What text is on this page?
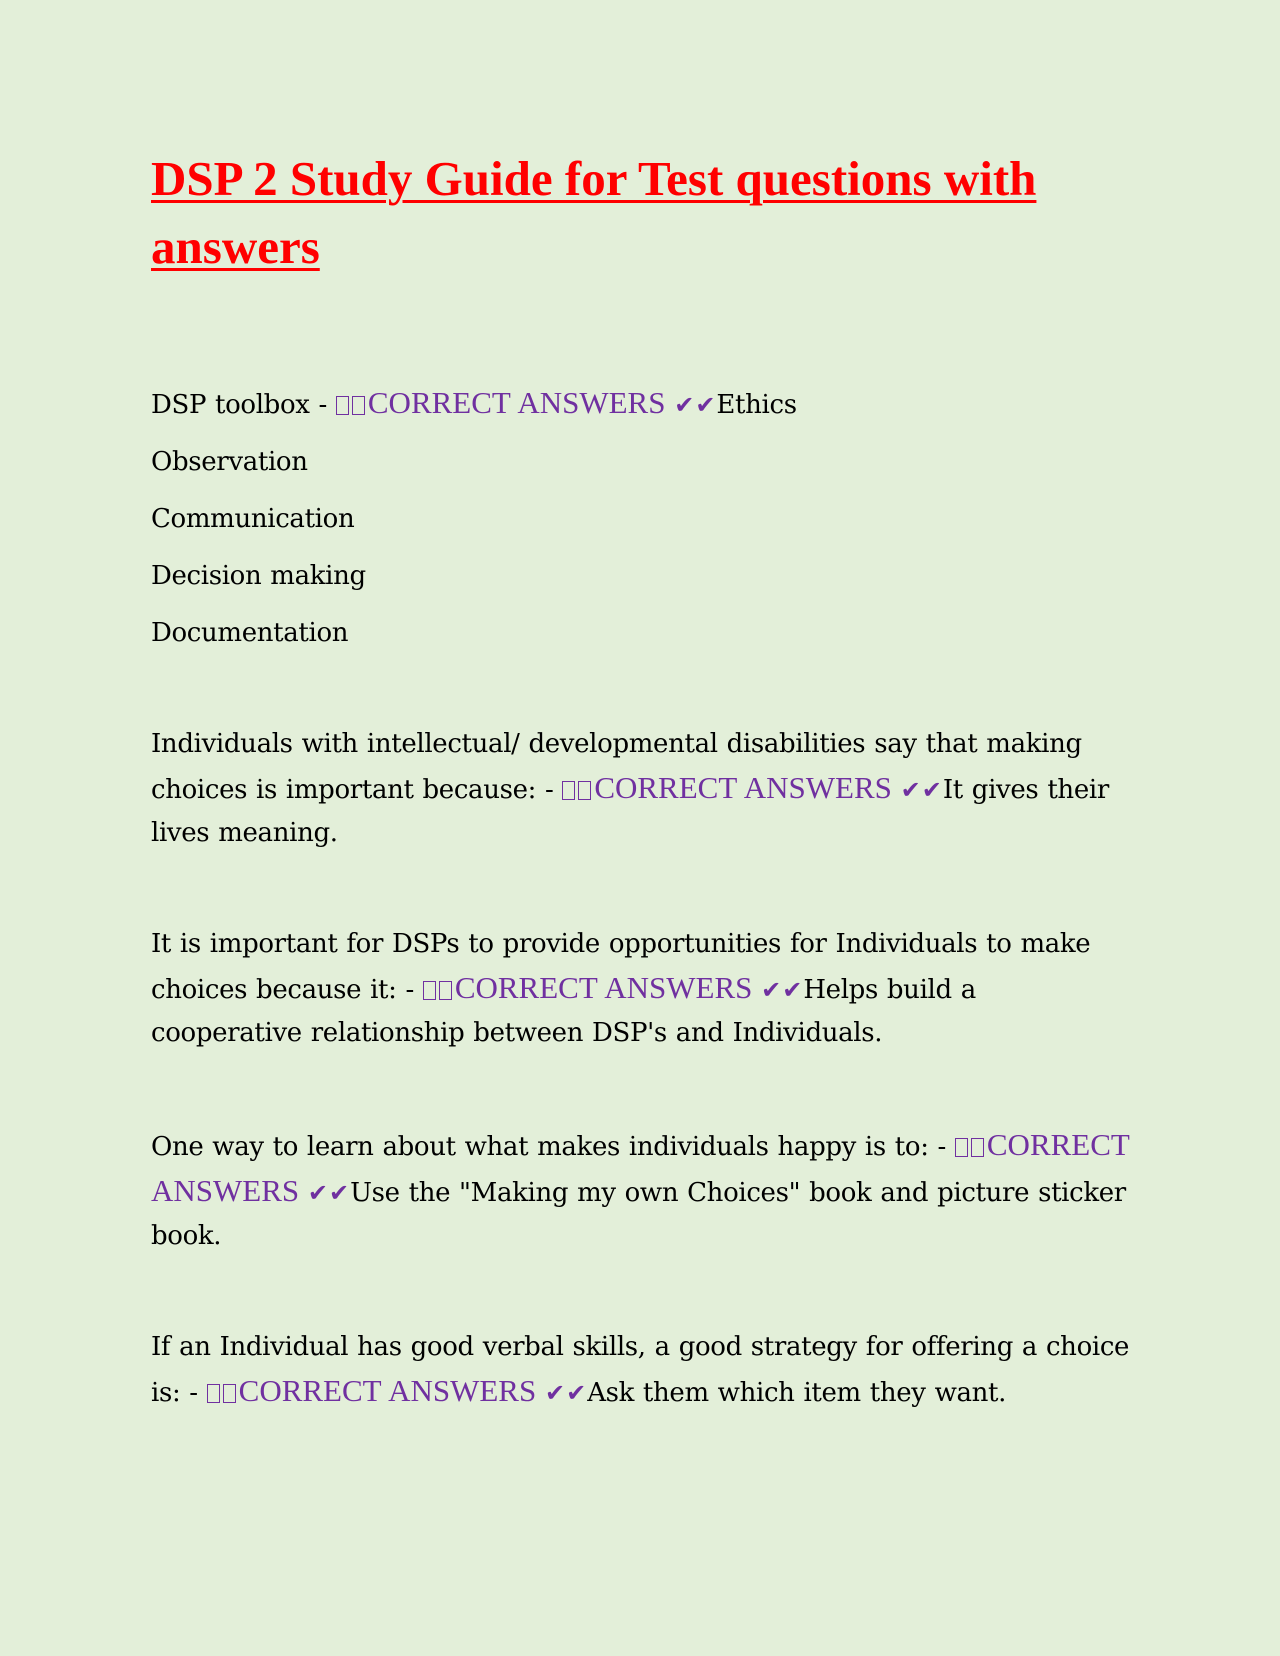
DSP 2 Study Guide for Test questions with answers

DSP toolbox - CORRECT ANSWERS ✔✔Ethics

Observation

Communication

Decision making

Documentation

Individuals with intellectual/ developmental disabilities say that making choices is important because: - CORRECT ANSWERS ✔✔It gives their lives meaning.

It is important for DSPs to provide opportunities for Individuals to make choices because it: - CORRECT ANSWERS ✔✔Helps build a cooperative relationship between DSP's and Individuals.

One way to learn about what makes individuals happy is to: - CORRECT ANSWERS ✔✔Use the "Making my own Choices" book and picture sticker book.

If an Individual has good verbal skills, a good strategy for offering a choice is: - CORRECT ANSWERS ✔✔Ask them which item they want.
